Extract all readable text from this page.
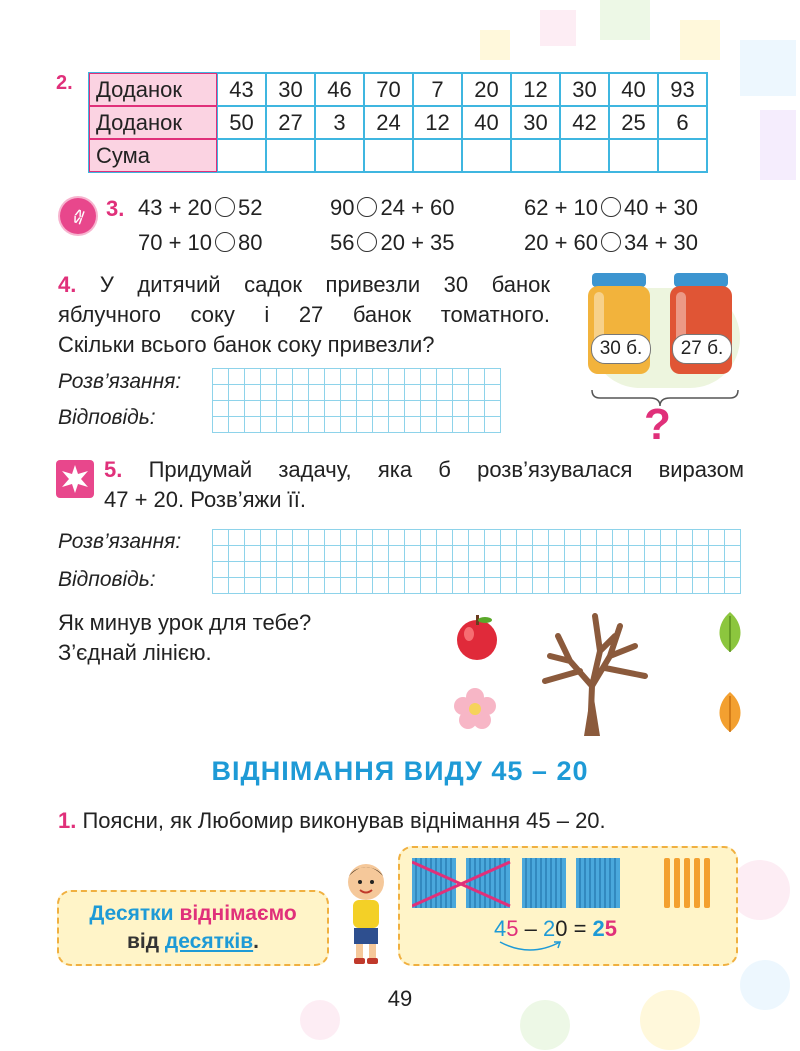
2.	Доданок	43	30	46	70	7	20	12	30	40	93
Доданок	50	27	3	24	12	40	30	42	25	6
Сума
≤≥ 3. 43 + 20 52	90 24 + 60	62 + 10 40 + 30
70 + 10 80	56 20 + 35	20 + 60 34 + 30
4. У дитячий садок привезли 30 банок
яблучного соку і 27 банок томатного.
Скільки всього банок соку привезли?
Розв’язання:
Відповідь:
30 б.	27 б.
?
5. Придумай задачу, яка б розв’язувалася виразом
47 + 20. Розв’яжи її.
Розв’язання:
Відповідь:
Як минув урок для тебе?
З’єднай лінією.
ВІДНІМАННЯ ВИДУ 45 – 20
1. Поясни, як Любомир виконував віднімання 45 – 20.
Десятки віднімаємо
від десятків.
45 – 20 = 25
49
